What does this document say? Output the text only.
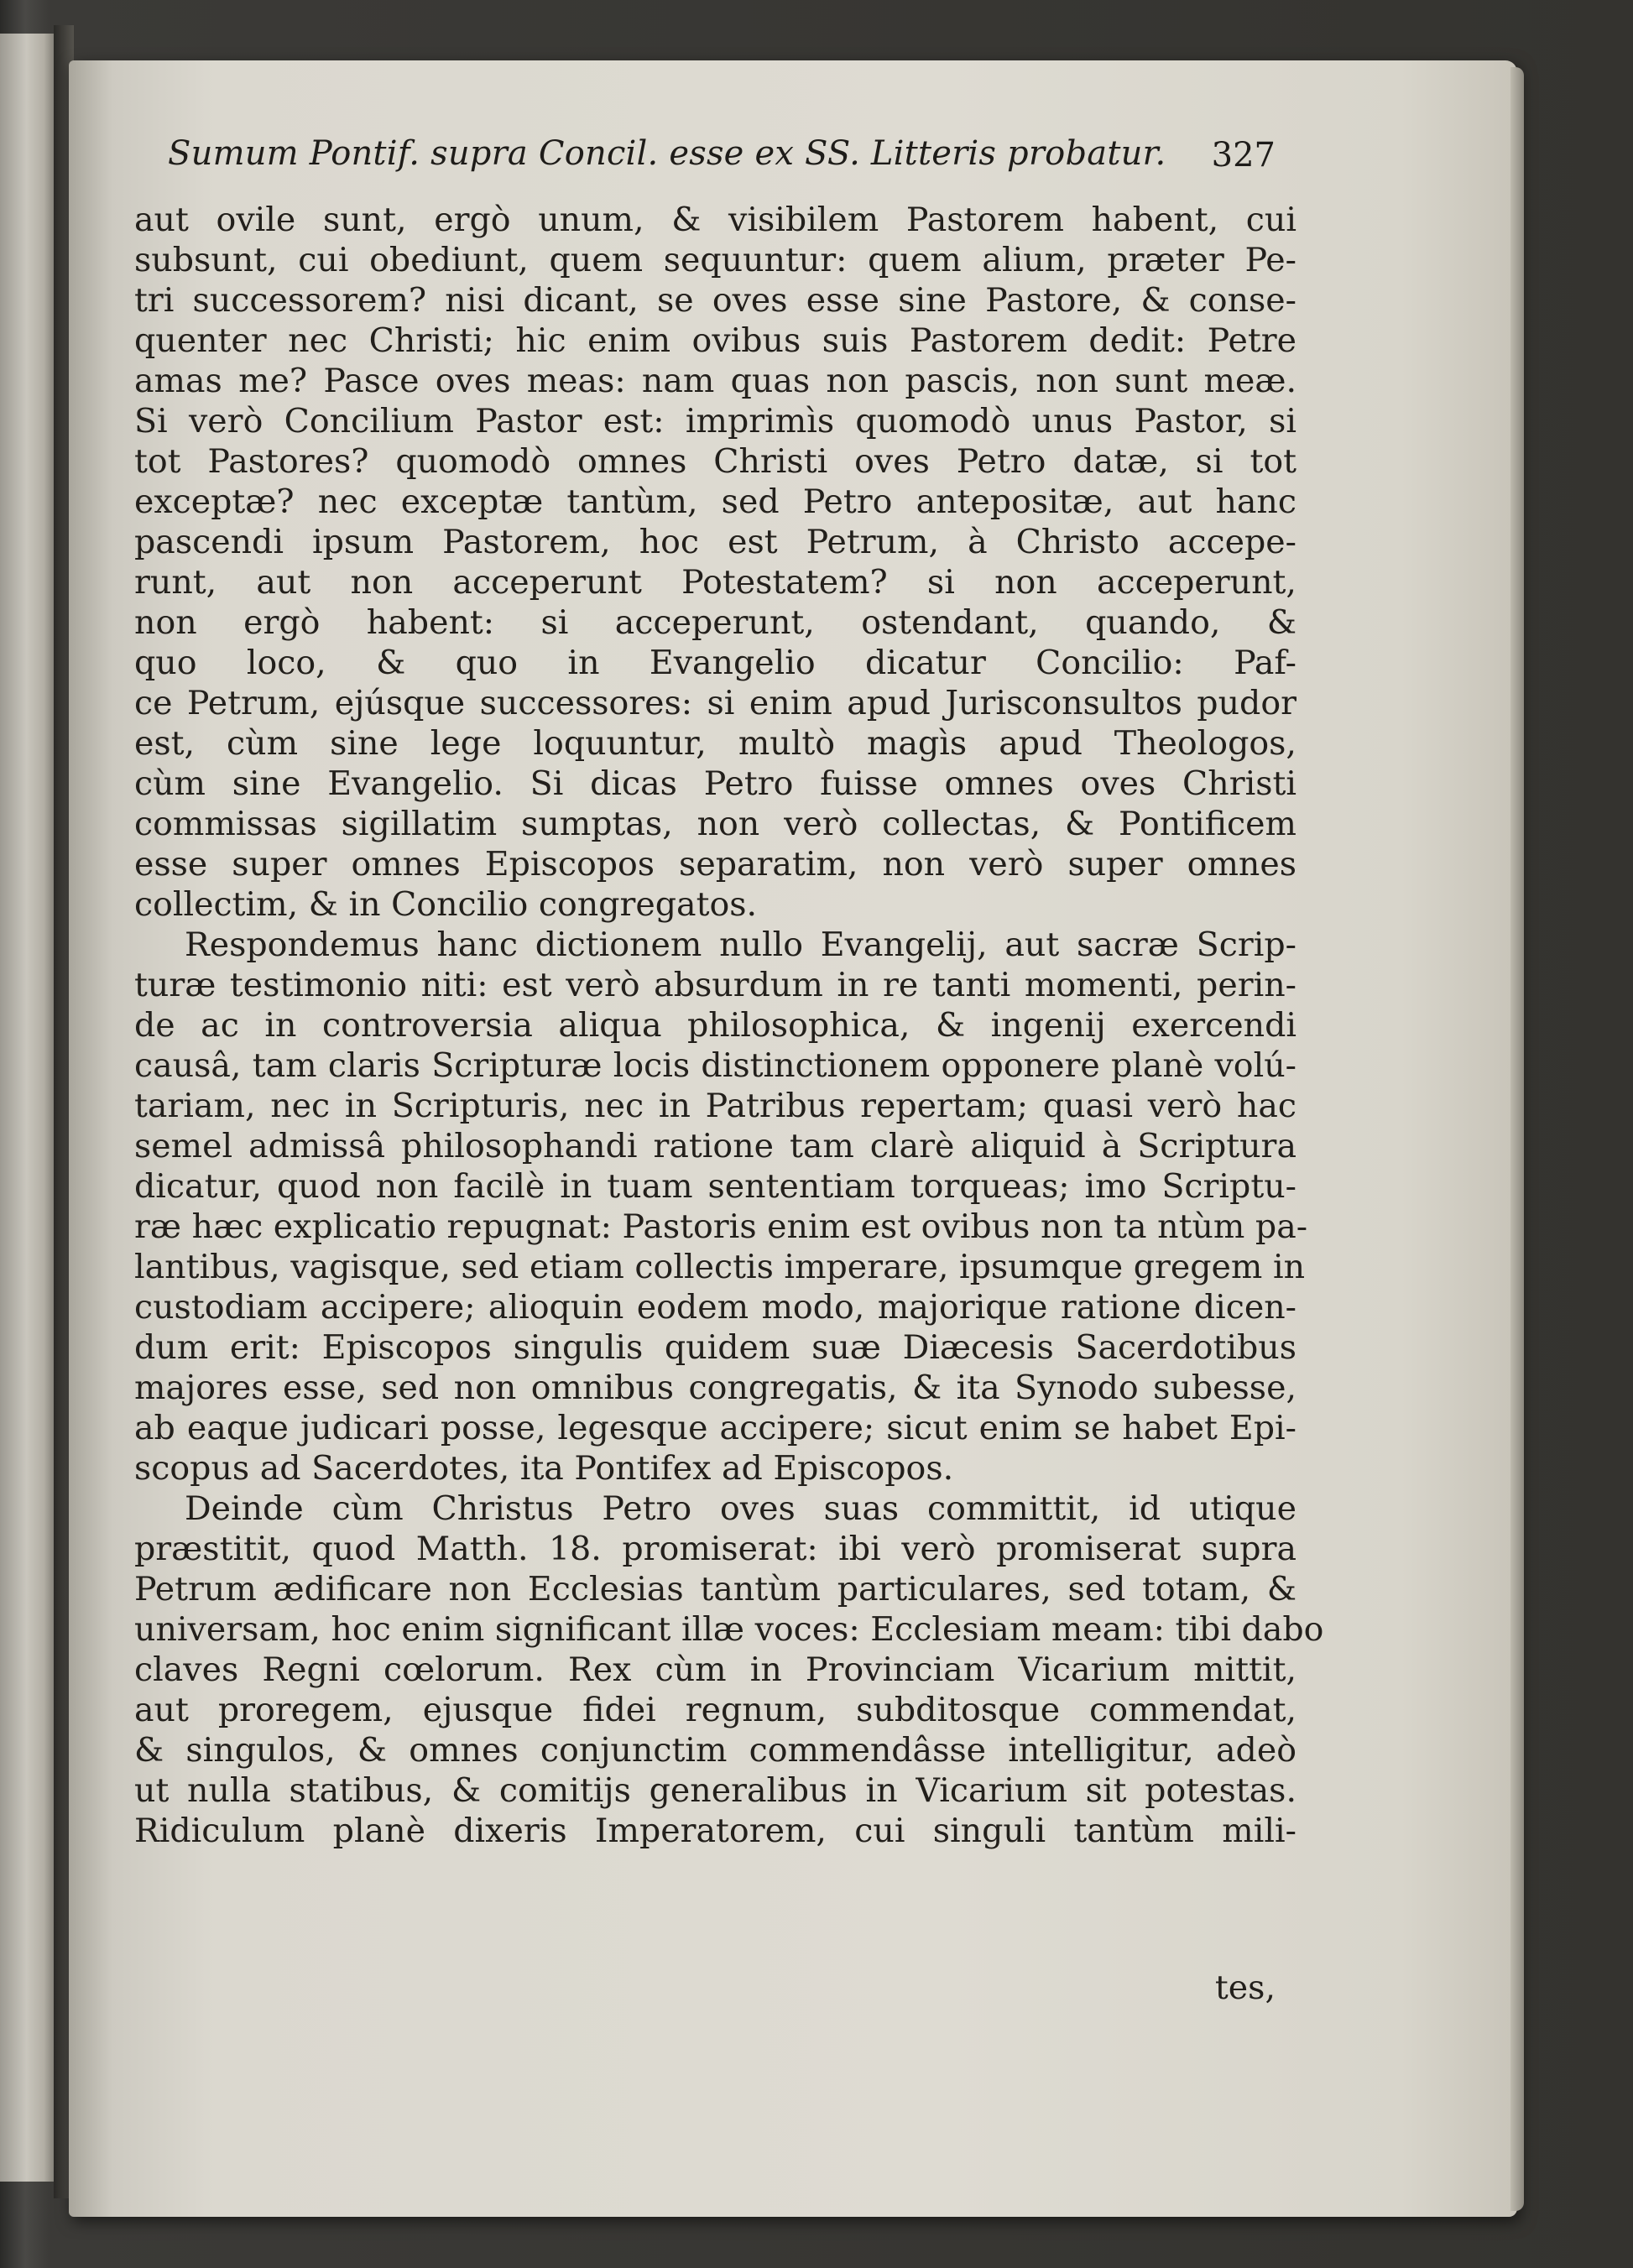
Sumum Pontif. supra Concil. esse ex SS. Litteris probatur.	327
aut ovile sunt, ergò unum, & visibilem Pastorem habent, cui
subsunt, cui obediunt, quem sequuntur: quem alium, præter Pe-
tri successorem? nisi dicant, se oves esse sine Pastore, & conse-
quenter nec Christi; hic enim ovibus suis Pastorem dedit: Petre
amas me? Pasce oves meas: nam quas non pascis, non sunt meæ.
Si verò Concilium Pastor est: imprimìs quomodò unus Pastor, si
tot Pastores? quomodò omnes Christi oves Petro datæ, si tot
exceptæ? nec exceptæ tantùm, sed Petro antepositæ, aut hanc
pascendi ipsum Pastorem, hoc est Petrum, à Christo accepe-
runt, aut non acceperunt Potestatem? si non acceperunt,
non ergò habent: si acceperunt, ostendant, quando, &
quo loco, & quo in Evangelio dicatur Concilio: Paf-
ce Petrum, ejúsque successores: si enim apud Jurisconsultos pudor
est, cùm sine lege loquuntur, multò magìs apud Theologos,
cùm sine Evangelio. Si dicas Petro fuisse omnes oves Christi
commissas sigillatim sumptas, non verò collectas, & Pontificem
esse super omnes Episcopos separatim, non verò super omnes
collectim, & in Concilio congregatos.
Respondemus hanc dictionem nullo Evangelij, aut sacræ Scrip-
turæ testimonio niti: est verò absurdum in re tanti momenti, perin-
de ac in controversia aliqua philosophica, & ingenij exercendi
causâ, tam claris Scripturæ locis distinctionem opponere planè volú-
tariam, nec in Scripturis, nec in Patribus repertam; quasi verò hac
semel admissâ philosophandi ratione tam clarè aliquid à Scriptura
dicatur, quod non facilè in tuam sententiam torqueas; imo Scriptu-
ræ hæc explicatio repugnat: Pastoris enim est ovibus non ta ntùm pa-
lantibus, vagisque, sed etiam collectis imperare, ipsumque gregem in
custodiam accipere; alioquin eodem modo, majorique ratione dicen-
dum erit: Episcopos singulis quidem suæ Diæcesis Sacerdotibus
majores esse, sed non omnibus congregatis, & ita Synodo subesse,
ab eaque judicari posse, legesque accipere; sicut enim se habet Epi-
scopus ad Sacerdotes, ita Pontifex ad Episcopos.
Deinde cùm Christus Petro oves suas committit, id utique
præstitit, quod Matth. 18. promiserat: ibi verò promiserat supra
Petrum ædificare non Ecclesias tantùm particulares, sed totam, &
universam, hoc enim significant illæ voces: Ecclesiam meam: tibi dabo
claves Regni cœlorum. Rex cùm in Provinciam Vicarium mittit,
aut proregem, ejusque fidei regnum, subditosque commendat,
& singulos, & omnes conjunctim commendâsse intelligitur, adeò
ut nulla statibus, & comitijs generalibus in Vicarium sit potestas.
Ridiculum planè dixeris Imperatorem, cui singuli tantùm mili-
tes,
